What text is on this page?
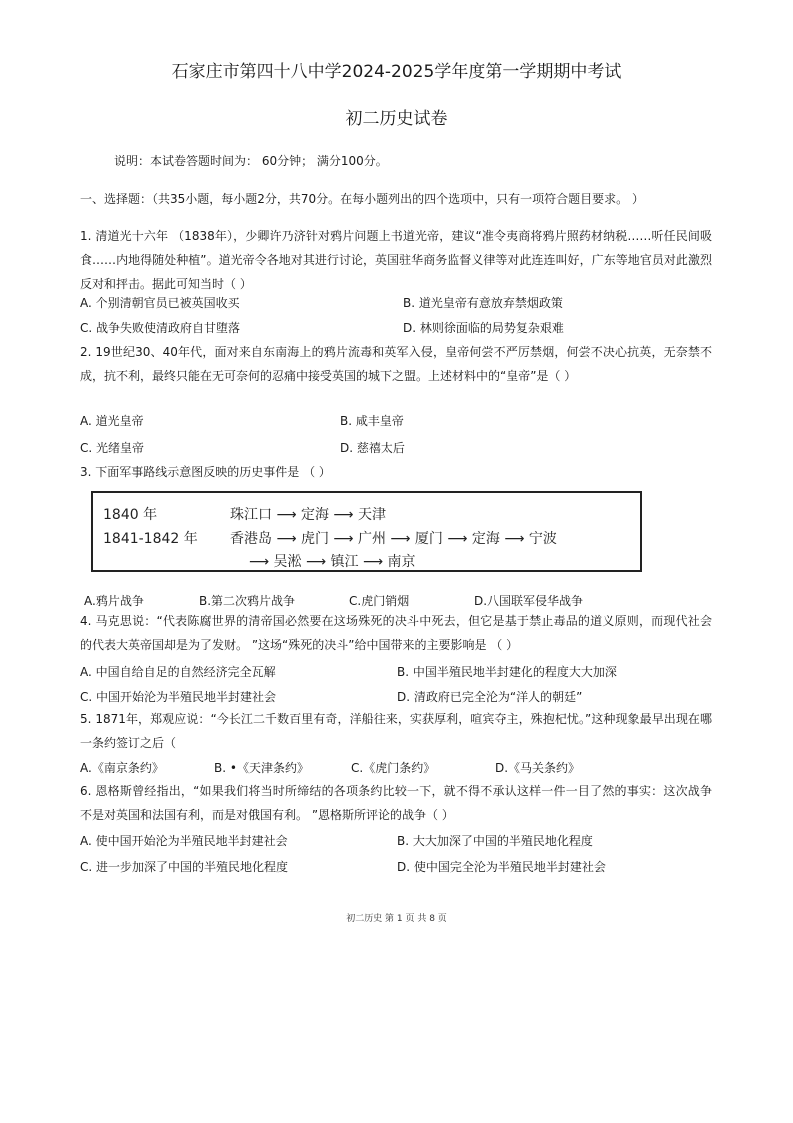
石家庄市第四十八中学2024-2025学年度第一学期期中考试
初二历史试卷
说明：本试卷答题时间为： 60分钟； 满分100分。
一、选择题：（共35小题，每小题2分，共70分。在每小题列出的四个选项中，只有一项符合题目要求。 ）
1. 清道光十六年 （1838年），少卿许乃济针对鸦片问题上书道光帝，建议“准令夷商将鸦片照药材纳税……听任民间吸食……内地得随处种植”。道光帝令各地对其进行讨论，英国驻华商务监督义律等对此连连叫好，广东等地官员对此激烈反对和抨击。据此可知当时（ ）
A. 个别清朝官员已被英国收买	B. 道光皇帝有意放弃禁烟政策
C. 战争失败使清政府自甘堕落	D. 林则徐面临的局势复杂艰难
2. 19世纪30、40年代，面对来自东南海上的鸦片流毒和英军入侵，皇帝何尝不严厉禁烟，何尝不决心抗英，无奈禁不成，抗不利，最终只能在无可奈何的忍痛中接受英国的城下之盟。上述材料中的“皇帝”是（ ）
A. 道光皇帝	B. 咸丰皇帝
C. 光绪皇帝	D. 慈禧太后
3. 下面军事路线示意图反映的历史事件是 （ ）
1840 年	珠江口 ⟶ 定海 ⟶ 天津
1841-1842 年 香港岛 ⟶ 虎门 ⟶ 广州 ⟶ 厦门 ⟶ 定海 ⟶ 宁波
⟶ 吴淞 ⟶ 镇江 ⟶ 南京
A.鸦片战争	B.第二次鸦片战争	C.虎门销烟	D.八国联军侵华战争
4. 马克思说：“代表陈腐世界的清帝国必然要在这场殊死的决斗中死去，但它是基于禁止毒品的道义原则，而现代社会的代表大英帝国却是为了发财。 ”这场“殊死的决斗”给中国带来的主要影响是 （ ）
A. 中国自给自足的自然经济完全瓦解	B. 中国半殖民地半封建化的程度大大加深
C. 中国开始沦为半殖民地半封建社会	D. 清政府已完全沦为“洋人的朝廷”
5. 1871年，郑观应说：“今长江二千数百里有奇，洋船往来，实获厚利，喧宾夺主，殊抱杞忧。”这种现象最早出现在哪一条约签订之后（
A.《南京条约》	B. •《天津条约》	C.《虎门条约》	D.《马关条约》
6. 恩格斯曾经指出，“如果我们将当时所缔结的各项条约比较一下，就不得不承认这样一件一目了然的事实：这次战争不是对英国和法国有利，而是对俄国有利。 ”恩格斯所评论的战争（ ）
A. 使中国开始沦为半殖民地半封建社会	B. 大大加深了中国的半殖民地化程度
C. 进一步加深了中国的半殖民地化程度	D. 使中国完全沦为半殖民地半封建社会
初二历史 第 1 页 共 8 页
